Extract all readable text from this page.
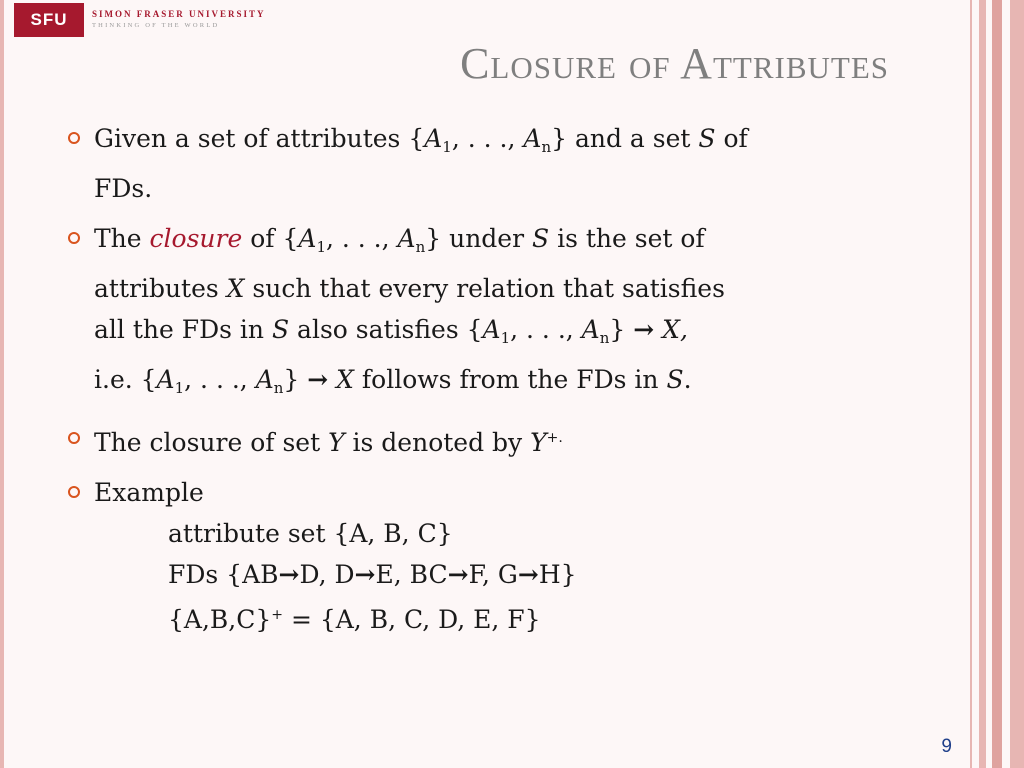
SFU	SIMON FRASER UNIVERSITY
THINKING OF THE WORLD
Closure of Attributes
Given a set of attributes {$A_1$, . . ., $A_n$} and a set S of
FDs.
The closure of {$A_1$, . . ., $A_n$} under S is the set of
attributes X such that every relation that satisfies
all the FDs in S also satisfies {$A_1$, . . ., $A_n\} \to X$,
i.e. {$A_1$, . . ., $A_n\} \to X$ follows from the FDs in S.
The closure of set Y is denoted by Y+.
Example
attribute set {A, B, C}
FDs {AB→D, D→E, BC→F, G→H}
{A,B,C}+ = {A, B, C, D, E, F}
9
